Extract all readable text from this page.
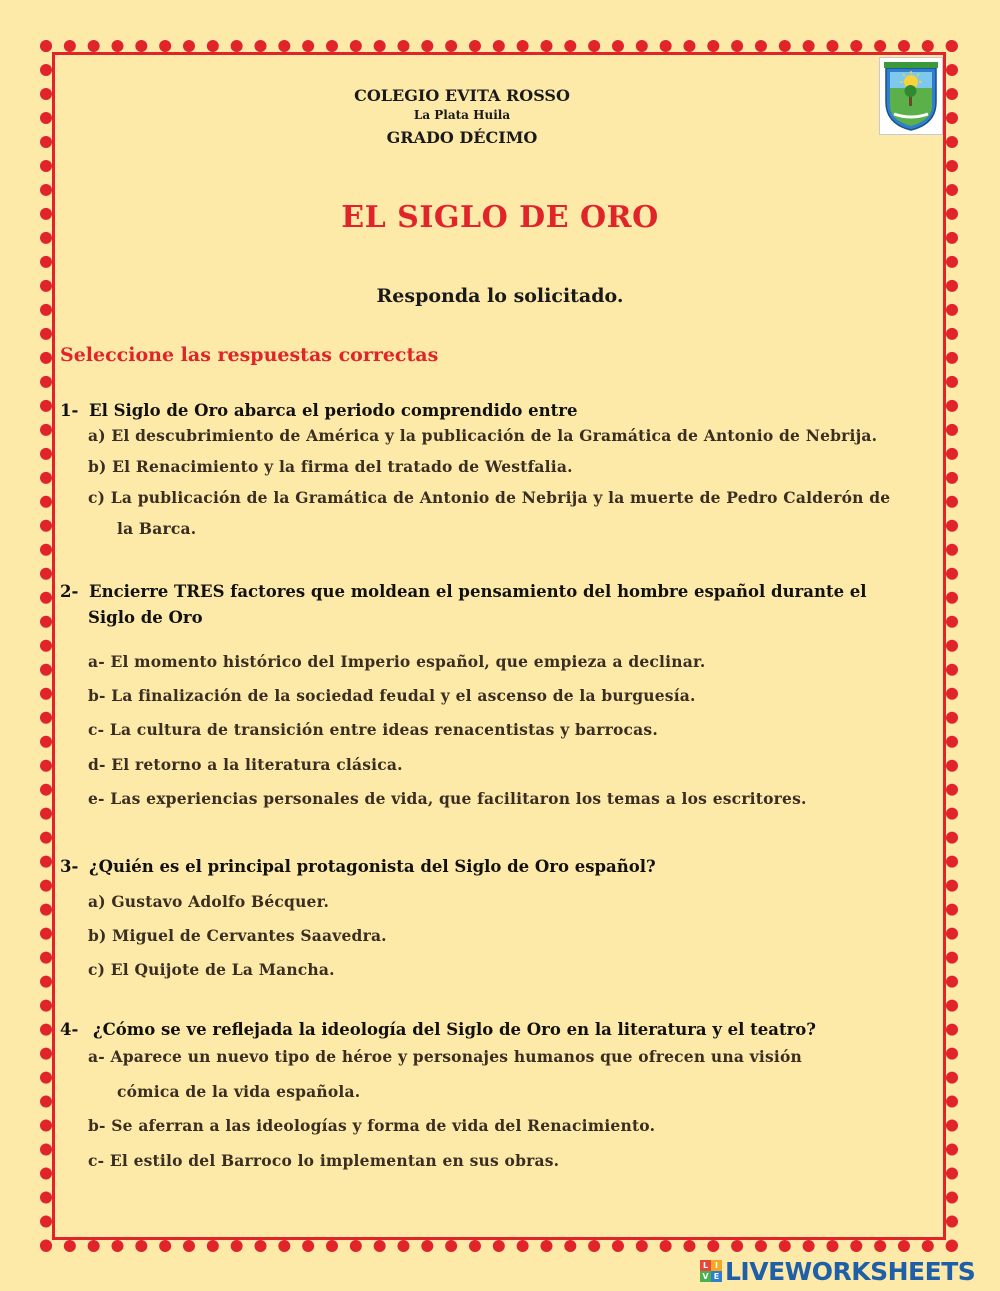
COLEGIO EVITA ROSSO
La Plata Huila
GRADO DÉCIMO
EL SIGLO DE ORO
Responda lo solicitado.
Seleccione las respuestas correctas
1- El Siglo de Oro abarca el periodo comprendido entre
a) El descubrimiento de América y la publicación de la Gramática de Antonio de Nebrija.
b) El Renacimiento y la firma del tratado de Westfalia.
c) La publicación de la Gramática de Antonio de Nebrija y la muerte de Pedro Calderón de
la Barca.
2- Encierre TRES factores que moldean el pensamiento del hombre español durante el
Siglo de Oro
a- El momento histórico del Imperio español, que empieza a declinar.
b- La finalización de la sociedad feudal y el ascenso de la burguesía.
c- La cultura de transición entre ideas renacentistas y barrocas.
d- El retorno a la literatura clásica.
e- Las experiencias personales de vida, que facilitaron los temas a los escritores.
3- ¿Quién es el principal protagonista del Siglo de Oro español?
a) Gustavo Adolfo Bécquer.
b) Miguel de Cervantes Saavedra.
c) El Quijote de La Mancha.
4- ¿Cómo se ve reflejada la ideología del Siglo de Oro en la literatura y el teatro?
a- Aparece un nuevo tipo de héroe y personajes humanos que ofrecen una visión
cómica de la vida española.
b- Se aferran a las ideologías y forma de vida del Renacimiento.
c- El estilo del Barroco lo implementan en sus obras.
L I
V E LIVEWORKSHEETS
